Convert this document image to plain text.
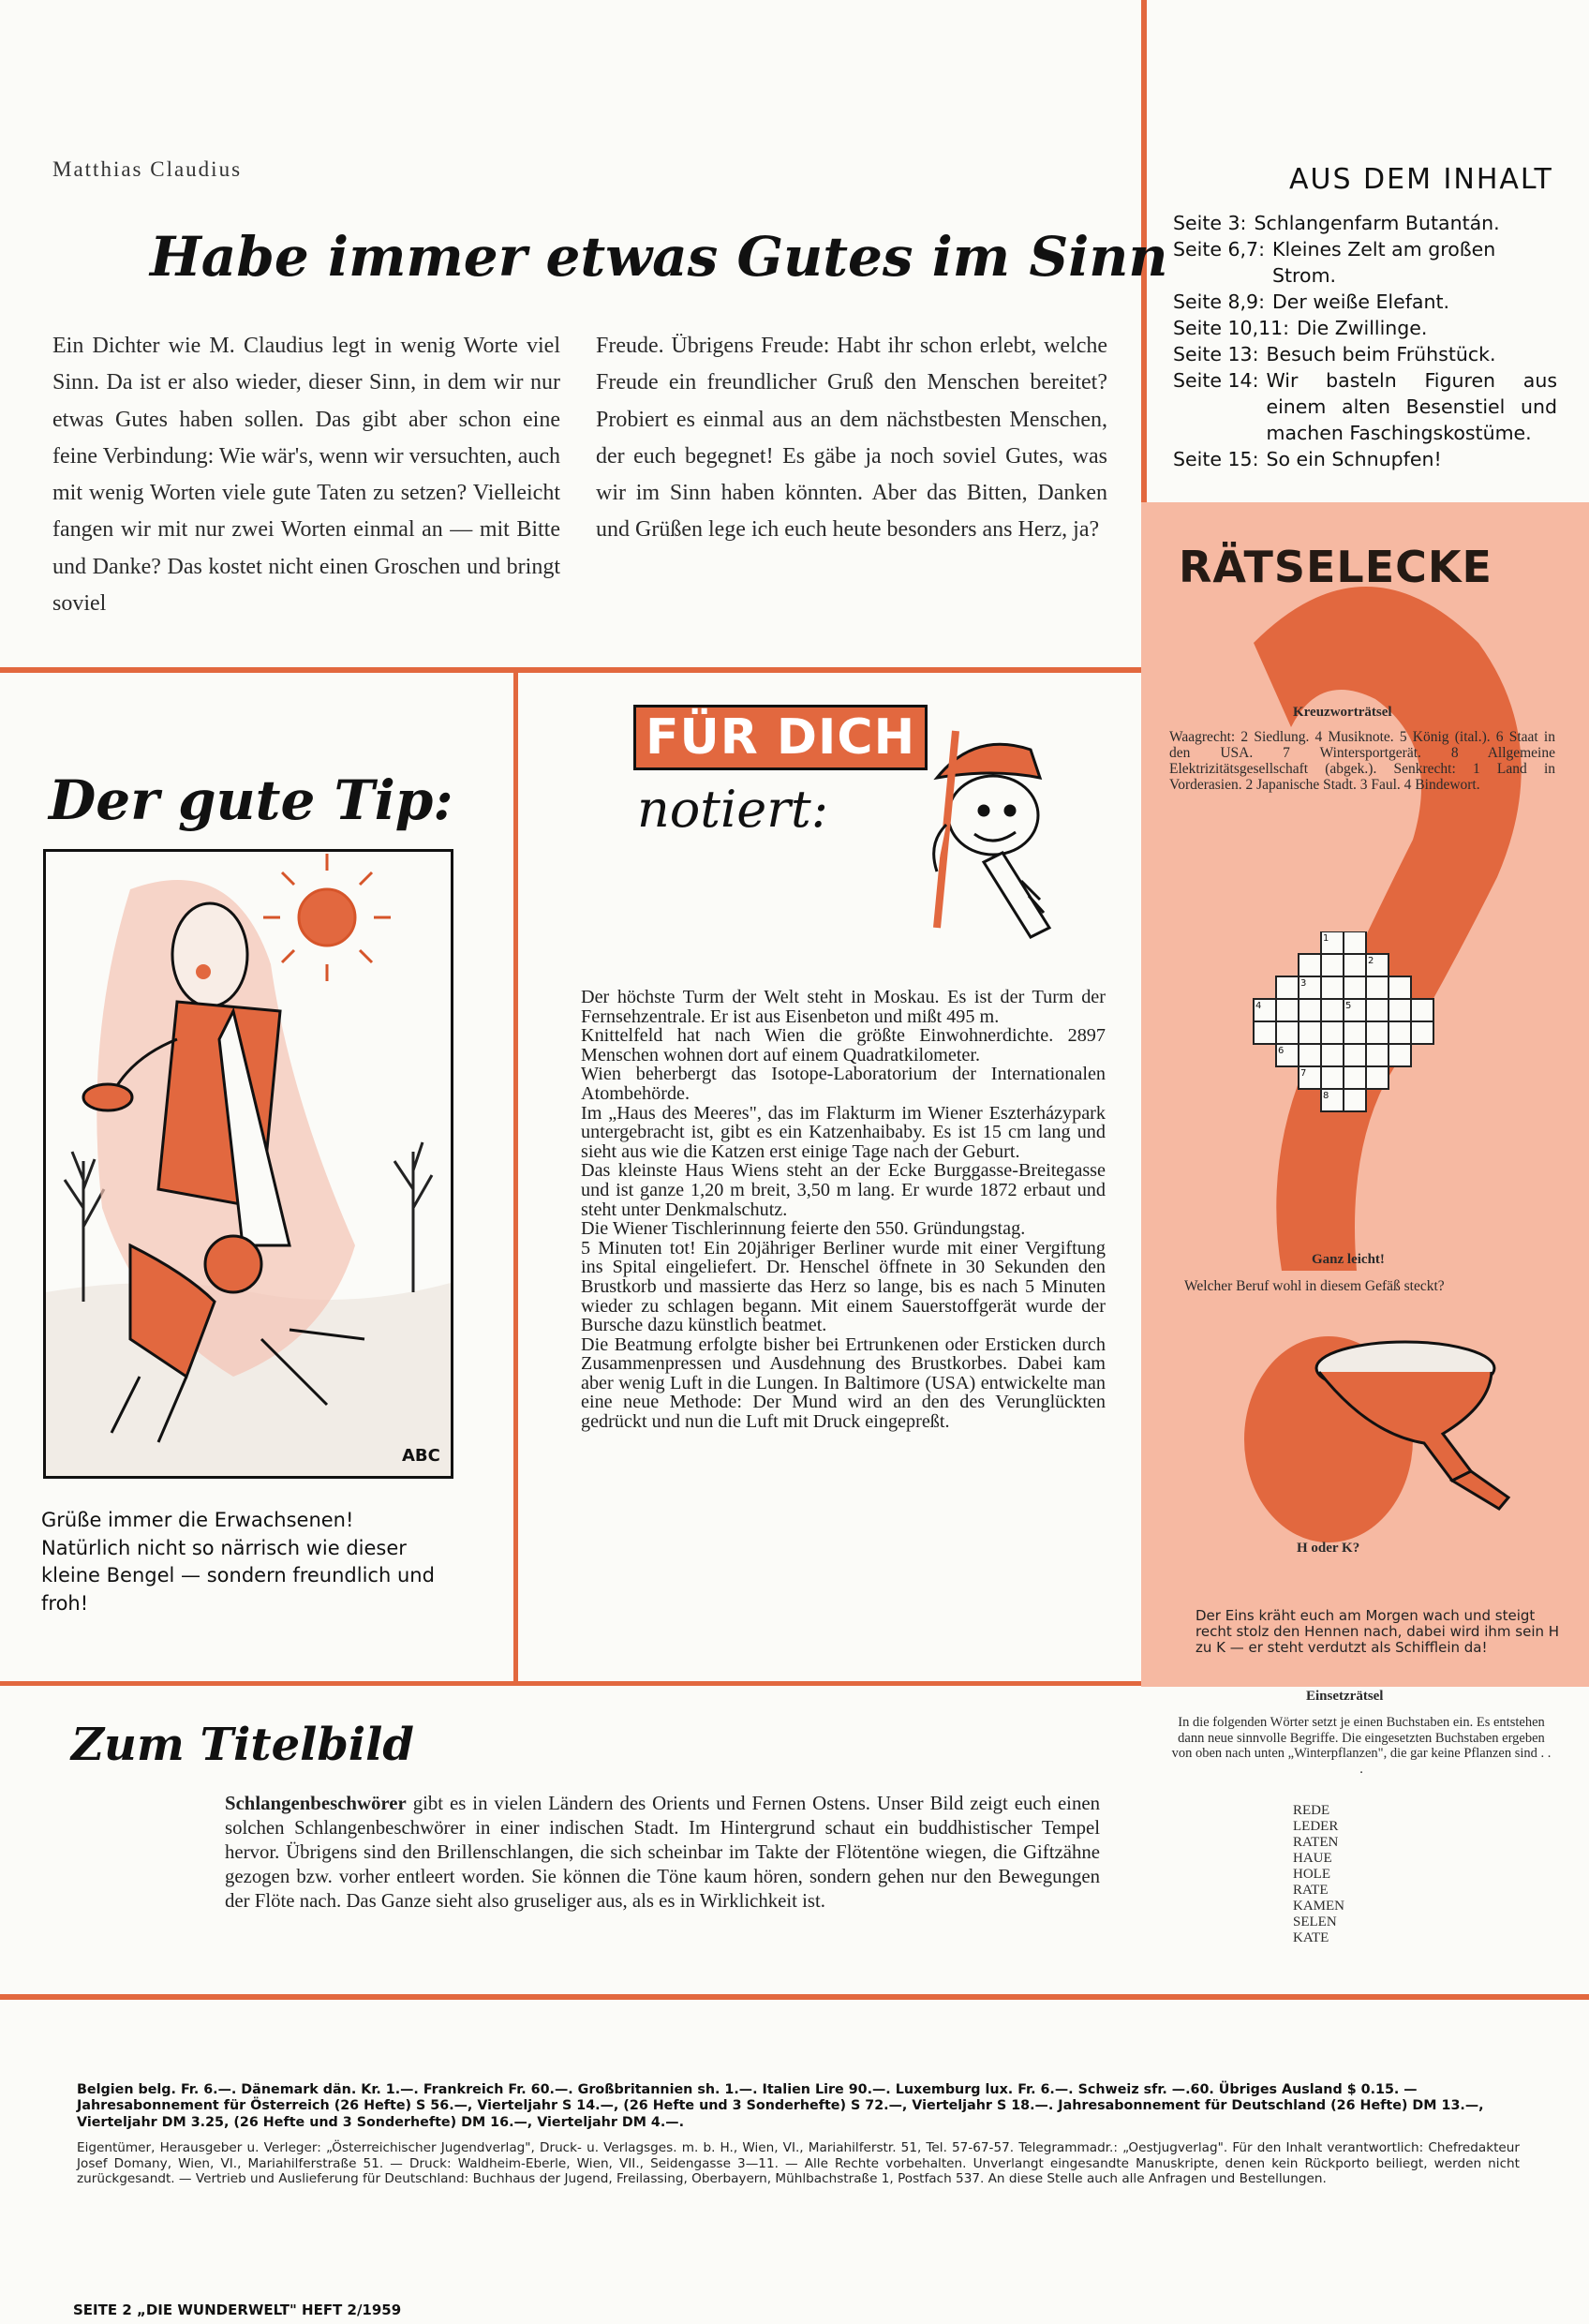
Matthias Claudius
Habe immer etwas Gutes im Sinn

Ein Dichter wie M. Claudius legt in wenig Worte viel Sinn. Da ist er also wieder, dieser Sinn, in dem wir nur etwas Gutes haben sollen. Das gibt aber schon eine feine Verbindung: Wie wär's, wenn wir versuchten, auch mit wenig Worten viele gute Taten zu setzen? Vielleicht fangen wir mit nur zwei Worten einmal an — mit Bitte und Danke? Das kostet nicht einen Groschen und bringt soviel

Freude. Übrigens Freude: Habt ihr schon erlebt, welche Freude ein freundlicher Gruß den Menschen bereitet? Probiert es einmal aus an dem nächstbesten Menschen, der euch begegnet! Es gäbe ja noch soviel Gutes, was wir im Sinn haben könnten. Aber das Bitten, Danken und Grüßen lege ich euch heute besonders ans Herz, ja?

AUS DEM INHALT
Seite 3: Schlangenfarm Butantán.
Seite 6,7: Kleines Zelt am großen Strom.
Seite 8,9: Der weiße Elefant.
Seite 10,11: Die Zwillinge.
Seite 13: Besuch beim Frühstück.
Seite 14: Wir basteln Figuren aus einem alten Besenstiel und machen Faschingskostüme.
Seite 15: So ein Schnupfen!
Der gute Tip:
ABC
Grüße immer die Erwachsenen! Natürlich nicht so närrisch wie dieser kleine Bengel — sondern freundlich und froh!
FÜR DICH
notiert:

Der höchste Turm der Welt steht in Moskau. Es ist der Turm der Fernsehzentrale. Er ist aus Eisenbeton und mißt 495 m.

Knittelfeld hat nach Wien die größte Einwohnerdichte. 2897 Menschen wohnen dort auf einem Quadratkilometer.

Wien beherbergt das Isotope-Laboratorium der Internationalen Atombehörde.

Im „Haus des Meeres", das im Flakturm im Wiener Eszterházypark untergebracht ist, gibt es ein Katzenhaibaby. Es ist 15 cm lang und sieht aus wie die Katzen erst einige Tage nach der Geburt.

Das kleinste Haus Wiens steht an der Ecke Burggasse-Breitegasse und ist ganze 1,20 m breit, 3,50 m lang. Er wurde 1872 erbaut und steht unter Denkmalschutz.

Die Wiener Tischlerinnung feierte den 550. Gründungstag.

5 Minuten tot! Ein 20jähriger Berliner wurde mit einer Vergiftung ins Spital eingeliefert. Dr. Henschel öffnete in 30 Sekunden den Brustkorb und massierte das Herz so lange, bis es nach 5 Minuten wieder zu schlagen begann. Mit einem Sauerstoffgerät wurde der Bursche dazu künstlich beatmet.

Die Beatmung erfolgte bisher bei Ertrunkenen oder Ersticken durch Zusammenpressen und Ausdehnung des Brustkorbes. Dabei kam aber wenig Luft in die Lungen. In Baltimore (USA) entwickelte man eine neue Methode: Der Mund wird an den des Verunglückten gedrückt und nun die Luft mit Druck eingepreßt.

RÄTSELECKE
Kreuzworträtsel
Waagrecht: 2 Siedlung. 4 Musiknote. 5 König (ital.). 6 Staat in den USA. 7 Wintersportgerät. 8 Allgemeine Elektrizitätsgesellschaft (abgek.). Senkrecht: 1 Land in Vorderasien. 2 Japanische Stadt. 3 Faul. 4 Bindewort.
1
2
3
4	5
6
7
8
Ganz leicht!
Welcher Beruf wohl in diesem Gefäß steckt?
H oder K?
Der Eins kräht euch am Morgen wach und steigt recht stolz den Hennen nach, dabei wird ihm sein H zu K — er steht verdutzt als Schifflein da!
Einsetzrätsel
In die folgenden Wörter setzt je einen Buchstaben ein. Es entstehen dann neue sinnvolle Begriffe. Die eingesetzten Buchstaben ergeben von oben nach unten „Winterpflanzen", die gar keine Pflanzen sind . . .
REDE
LEDER
RATEN
HAUE
HOLE
RATE
KAMEN
SELEN
KATE
Zum Titelbild
Schlangenbeschwörer gibt es in vielen Ländern des Orients und Fernen Ostens. Unser Bild zeigt euch einen solchen Schlangenbeschwörer in einer indischen Stadt. Im Hintergrund schaut ein buddhistischer Tempel hervor. Übrigens sind den Brillenschlangen, die sich scheinbar im Takte der Flötentöne wiegen, die Giftzähne gezogen bzw. vorher entleert worden. Sie können die Töne kaum hören, sondern gehen nur den Bewegungen der Flöte nach. Das Ganze sieht also gruseliger aus, als es in Wirklichkeit ist.
Belgien belg. Fr. 6.—. Dänemark dän. Kr. 1.—. Frankreich Fr. 60.—. Großbritannien sh. 1.—. Italien Lire 90.—. Luxemburg lux. Fr. 6.—. Schweiz sfr. —.60. Übriges Ausland $ 0.15. — Jahresabonnement für Österreich (26 Hefte) S 56.—, Vierteljahr S 14.—, (26 Hefte und 3 Sonderhefte) S 72.—, Vierteljahr S 18.—. Jahresabonnement für Deutschland (26 Hefte) DM 13.—, Vierteljahr DM 3.25, (26 Hefte und 3 Sonderhefte) DM 16.—, Vierteljahr DM 4.—.
Eigentümer, Herausgeber u. Verleger: „Österreichischer Jugendverlag", Druck- u. Verlagsges. m. b. H., Wien, VI., Mariahilferstr. 51, Tel. 57-67-57. Telegrammadr.: „Oestjugverlag". Für den Inhalt verantwortlich: Chefredakteur Josef Domany, Wien, VI., Mariahilferstraße 51. — Druck: Waldheim-Eberle, Wien, VII., Seidengasse 3—11. — Alle Rechte vorbehalten. Unverlangt eingesandte Manuskripte, denen kein Rückporto beiliegt, werden nicht zurückgesandt. — Vertrieb und Auslieferung für Deutschland: Buchhaus der Jugend, Freilassing, Oberbayern, Mühlbachstraße 1, Postfach 537. An diese Stelle auch alle Anfragen und Bestellungen.
SEITE 2 „DIE WUNDERWELT" HEFT 2/1959
